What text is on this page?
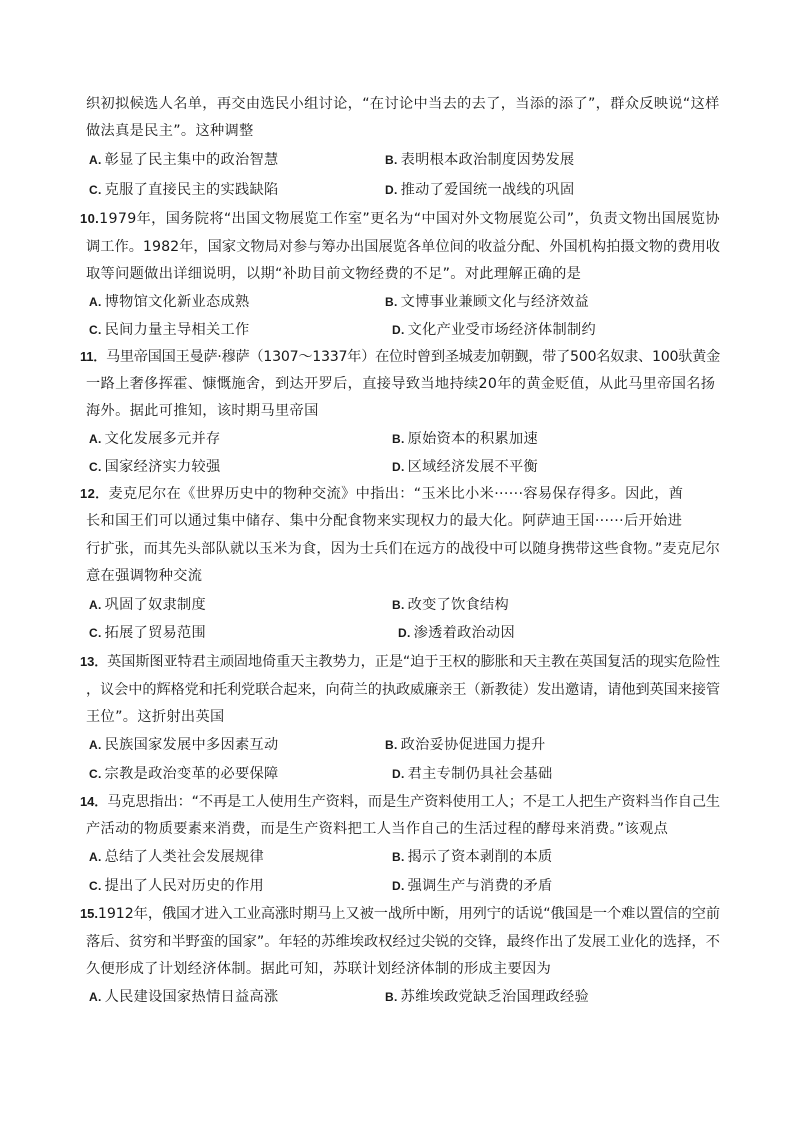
织初拟候选人名单，再交由选民小组讨论，“在讨论中当去的去了，当添的添了”，群众反映说“这样
做法真是民主”。这种调整
A. 彰显了民主集中的政治智慧	B. 表明根本政治制度因势发展
C. 克服了直接民主的实践缺陷	D. 推动了爱国统一战线的巩固
10.1979年，国务院将“出国文物展览工作室”更名为“中国对外文物展览公司”，负责文物出国展览协
调工作。1982年，国家文物局对参与筹办出国展览各单位间的收益分配、外国机构拍摄文物的费用收
取等问题做出详细说明，以期“补助目前文物经费的不足”。对此理解正确的是
A. 博物馆文化新业态成熟	B. 文博事业兼顾文化与经济效益
C. 民间力量主导相关工作	D. 文化产业受市场经济体制制约
11．马里帝国国王曼萨·穆萨（1307～1337年）在位时曾到圣城麦加朝觐，带了500名奴隶、100驮黄金
一路上奢侈挥霍、慷慨施舍，到达开罗后，直接导致当地持续20年的黄金贬值，从此马里帝国名扬
海外。据此可推知，该时期马里帝国
A. 文化发展多元并存	B. 原始资本的积累加速
C. 国家经济实力较强	D. 区域经济发展不平衡
12．麦克尼尔在《世界历史中的物种交流》中指出：“玉米比小米······容易保存得多。因此，酋
长和国王们可以通过集中储存、集中分配食物来实现权力的最大化。阿萨迪王国······后开始进
行扩张，而其先头部队就以玉米为食，因为士兵们在远方的战役中可以随身携带这些食物。”麦克尼尔
意在强调物种交流
A. 巩固了奴隶制度	B. 改变了饮食结构
C. 拓展了贸易范围	D. 渗透着政治动因
13．英国斯图亚特君主顽固地倚重天主教势力，正是“迫于王权的膨胀和天主教在英国复活的现实危险性
，议会中的辉格党和托利党联合起来，向荷兰的执政威廉亲王（新教徒）发出邀请，请他到英国来接管
王位”。这折射出英国
A. 民族国家发展中多因素互动	B. 政治妥协促进国力提升
C. 宗教是政治变革的必要保障	D. 君主专制仍具社会基础
14．马克思指出：“不再是工人使用生产资料，而是生产资料使用工人；不是工人把生产资料当作自己生
产活动的物质要素来消费，而是生产资料把工人当作自己的生活过程的酵母来消费。”该观点
A. 总结了人类社会发展规律	B. 揭示了资本剥削的本质
C. 提出了人民对历史的作用	D. 强调生产与消费的矛盾
15.1912年，俄国才进入工业高涨时期马上又被一战所中断，用列宁的话说“俄国是一个难以置信的空前
落后、贫穷和半野蛮的国家”。年轻的苏维埃政权经过尖锐的交锋，最终作出了发展工业化的选择，不
久便形成了计划经济体制。据此可知，苏联计划经济体制的形成主要因为
A. 人民建设国家热情日益高涨	B. 苏维埃政党缺乏治国理政经验
